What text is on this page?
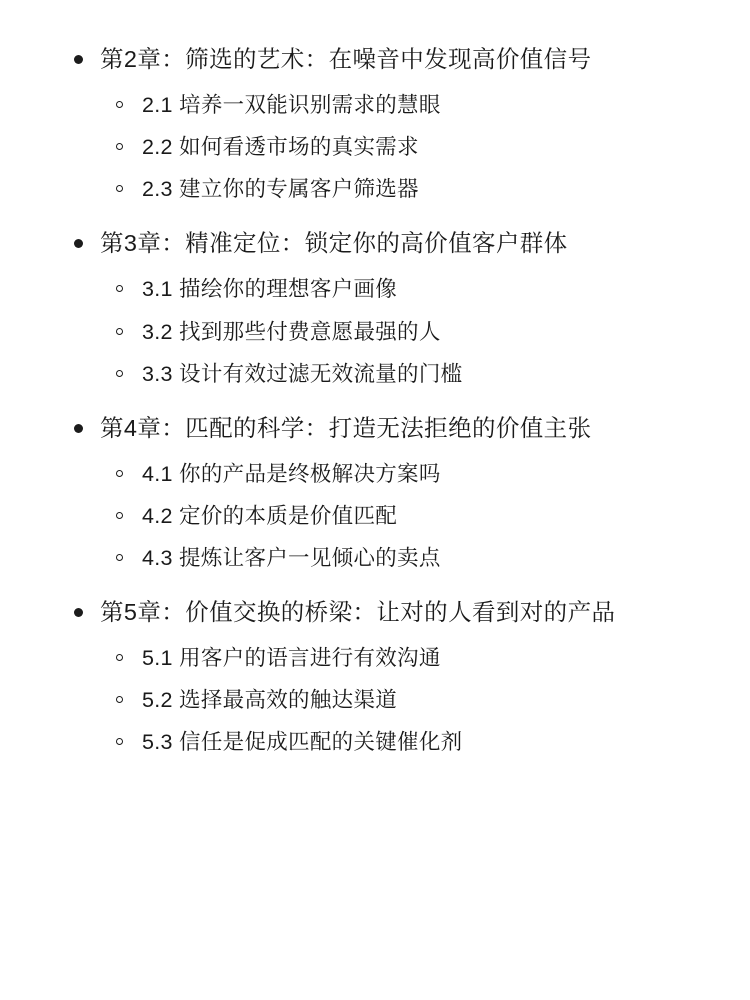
第2章：筛选的艺术：在噪音中发现高价值信号
2.1 培养一双能识别需求的慧眼
2.2 如何看透市场的真实需求
2.3 建立你的专属客户筛选器
第3章：精准定位：锁定你的高价值客户群体
3.1 描绘你的理想客户画像
3.2 找到那些付费意愿最强的人
3.3 设计有效过滤无效流量的门槛
第4章：匹配的科学：打造无法拒绝的价值主张
4.1 你的产品是终极解决方案吗
4.2 定价的本质是价值匹配
4.3 提炼让客户一见倾心的卖点
第5章：价值交换的桥梁：让对的人看到对的产品
5.1 用客户的语言进行有效沟通
5.2 选择最高效的触达渠道
5.3 信任是促成匹配的关键催化剂
